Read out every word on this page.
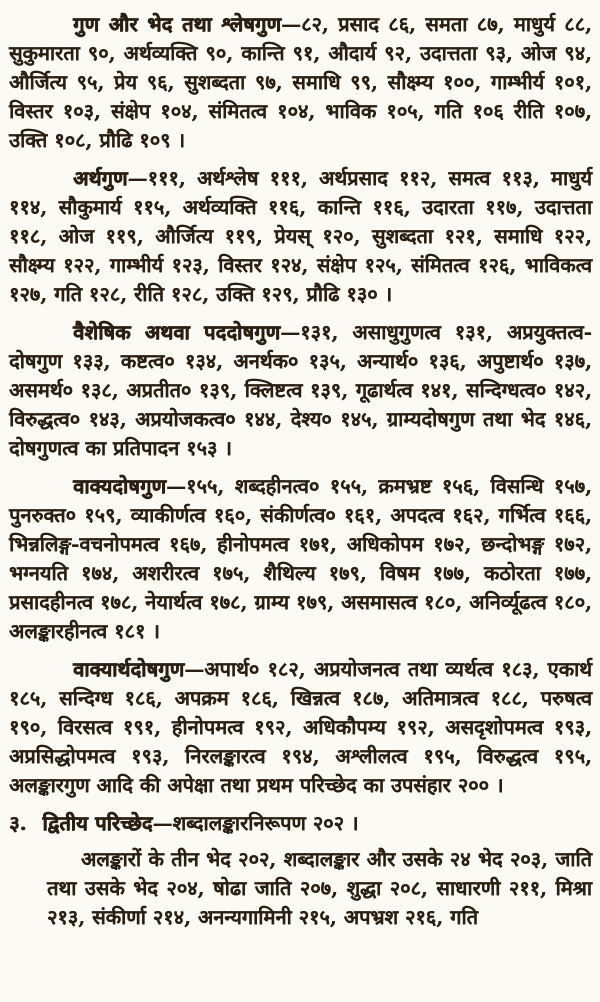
गुण और भेद तथा श्लेषगुण—८२, प्रसाद ८६, समता ८७, माधुर्य ८८, सुकुमारता ९०, अर्थव्यक्ति ९०, कान्ति ९१, औदार्य ९२, उदात्तता ९३, ओज ९४, और्जित्य ९५, प्रेय ९६, सुशब्दता ९७, समाधि ९९, सौक्ष्म्य १००, गाम्भीर्य १०१, विस्तर १०३, संक्षेप १०४, संमितत्व १०४, भाविक १०५, गति १०६ रीति १०७, उक्ति १०८, प्रौढि १०९ ।

अर्थगुण—१११, अर्थश्लेष १११, अर्थप्रसाद ११२, समत्व ११३, माधुर्य ११४, सौकुमार्य ११५, अर्थव्यक्ति ११६, कान्ति ११६, उदारता ११७, उदात्तता ११८, ओज ११९, और्जित्य ११९, प्रेयस् १२०, सुशब्दता १२१, समाधि १२२, सौक्ष्म्य १२२, गाम्भीर्य १२३, विस्तर १२४, संक्षेप १२५, संमितत्व १२६, भाविकत्व १२७, गति १२८, रीति १२८, उक्ति १२९, प्रौढि १३० ।

वैशेषिक अथवा पददोषगुण—१३१, असाधुगुणत्व १३१, अप्रयुक्तत्व-दोषगुण १३३, कष्टत्व० १३४, अनर्थक० १३५, अन्यार्थ० १३६, अपुष्टार्थ० १३७, असमर्थ० १३८, अप्रतीत० १३९, क्लिष्टत्व १३९, गूढार्थत्व १४१, सन्दिग्धत्व० १४२, विरुद्धत्व० १४३, अप्रयोजकत्व० १४४, देश्य० १४५, ग्राम्यदोषगुण तथा भेद १४६, दोषगुणत्व का प्रतिपादन १५३ ।

वाक्यदोषगुण—१५५, शब्दहीनत्व० १५५, क्रमभ्रष्ट १५६, विसन्धि १५७, पुनरुक्त० १५९, व्याकीर्णत्व १६०, संकीर्णत्व० १६१, अपदत्व १६२, गर्भित्व १६६, भिन्नलिङ्ग-वचनोपमत्व १६७, हीनोपमत्व १७१, अधिकोपम १७२, छन्दोभङ्ग १७२, भग्नयति १७४, अशरीरत्व १७५, शैथिल्य १७९, विषम १७७, कठोरता १७७, प्रसादहीनत्व १७८, नेयार्थत्व १७८, ग्राम्य १७९, असमासत्व १८०, अनिर्व्यूढत्व १८०, अलङ्कारहीनत्व १८१ ।

वाक्यार्थदोषगुण—अपार्थ० १८२, अप्रयोजनत्व तथा व्यर्थत्व १८३, एकार्थ १८५, सन्दिग्ध १८६, अपक्रम १८६, खिन्नत्व १८७, अतिमात्रत्व १८८, परुषत्व १९०, विरसत्व १९१, हीनोपमत्व १९२, अधिकौपम्य १९२, असदृशोपमत्व १९३, अप्रसिद्धोपमत्व १९३, निरलङ्कारत्व १९४, अश्लीलत्व १९५, विरुद्धत्व १९५, अलङ्कारगुण आदि की अपेक्षा तथा प्रथम परिच्छेद का उपसंहार २०० ।

३. द्वितीय परिच्छेद—शब्दालङ्कारनिरूपण २०२ ।

अलङ्कारों के तीन भेद २०२, शब्दालङ्कार और उसके २४ भेद २०३, जाति तथा उसके भेद २०४, षोढा जाति २०७, शुद्धा २०८, साधारणी २११, मिश्रा २१३, संकीर्णा २१४, अनन्यगामिनी २१५, अपभ्रश २१६, गति
